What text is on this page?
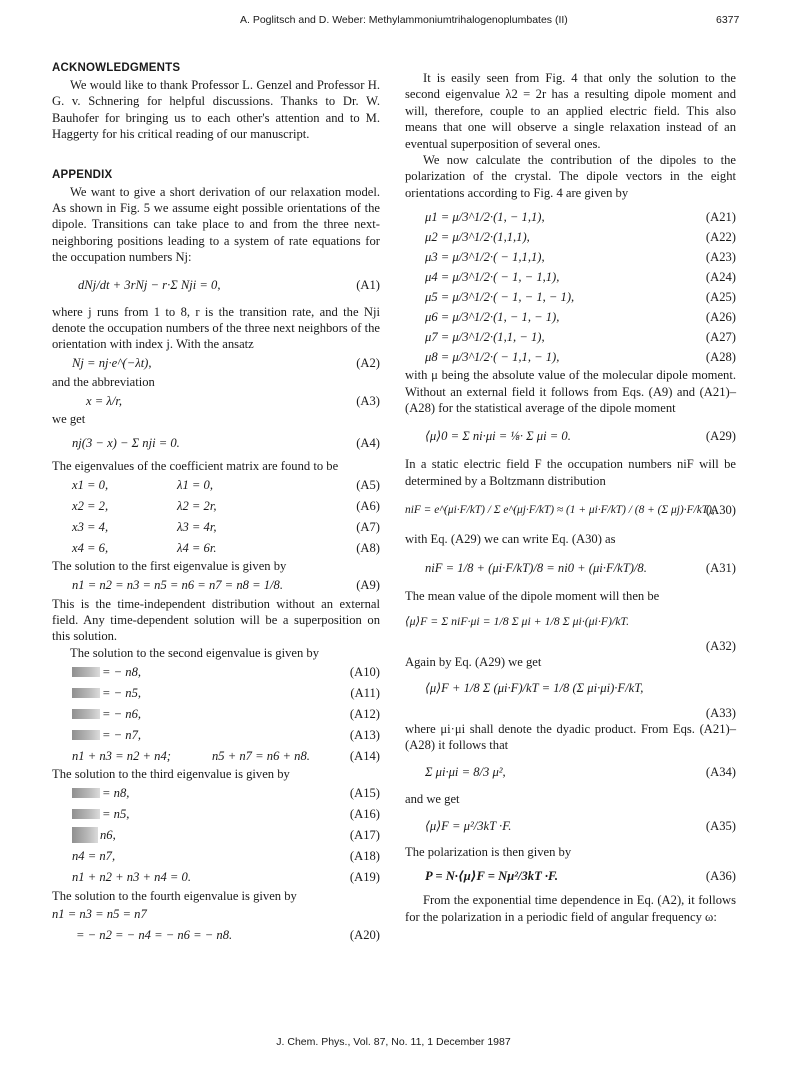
A. Poglitsch and D. Weber: Methylammoniumtrihalogenoplumbates (II)	6377
ACKNOWLEDGMENTS

We would like to thank Professor L. Genzel and Professor H. G. v. Schnering for helpful discussions. Thanks to Dr. W. Bauhofer for bringing us to each other's attention and to M. Haggerty for his critical reading of our manuscript.

APPENDIX

We want to give a short derivation of our relaxation model. As shown in Fig. 5 we assume eight possible orientations of the dipole. Transitions can take place to and from the three next-neighboring positions leading to a system of rate equations for the occupation numbers Nj:

dNj/dt + 3rNj − r·Σ Nji = 0,	(A1)

where j runs from 1 to 8, r is the transition rate, and the Nji denote the occupation numbers of the three next neighbors of the orientation with index j. With the ansatz

Nj = nj·e^(−λt),	(A2)

and the abbreviation

x = λ/r,	(A3)

we get

nj(3 − x) − Σ nji = 0.	(A4)

The eigenvalues of the coefficient matrix are found to be

x1 = 0,	λ1 = 0,	(A5)
x2 = 2,	λ2 = 2r,	(A6)
x3 = 4,	λ3 = 4r,	(A7)
x4 = 6,	λ4 = 6r.	(A8)

The solution to the first eigenvalue is given by

n1 = n2 = n3 = n5 = n6 = n7 = n8 = 1/8.	(A9)

This is the time-independent distribution without an external field. Any time-dependent solution will be a superposition on this solution.

The solution to the second eigenvalue is given by

= − n8,	(A10)
= − n5,	(A11)
= − n6,	(A12)
= − n7,	(A13)
n1 + n3 = n2 + n4;	n5 + n7 = n6 + n8.	(A14)

The solution to the third eigenvalue is given by

= n8,	(A15)
= n5,	(A16)
n6,	(A17)
n4 = n7,	(A18)
n1 + n2 + n3 + n4 = 0.	(A19)

The solution to the fourth eigenvalue is given by

n1 = n3 = n5 = n7
= − n2 = − n4 = − n6 = − n8.	(A20)

It is easily seen from Fig. 4 that only the solution to the second eigenvalue λ2 = 2r has a resulting dipole moment and will, therefore, couple to an applied electric field. This also means that one will observe a single relaxation instead of an eventual superposition of several ones.

We now calculate the contribution of the dipoles to the polarization of the crystal. The dipole vectors in the eight orientations according to Fig. 4 are given by

μ1 = μ/3^1/2·(1, − 1,1),	(A21)
μ2 = μ/3^1/2·(1,1,1),	(A22)
μ3 = μ/3^1/2·( − 1,1,1),	(A23)
μ4 = μ/3^1/2·( − 1, − 1,1),	(A24)
μ5 = μ/3^1/2·( − 1, − 1, − 1),	(A25)
μ6 = μ/3^1/2·(1, − 1, − 1),	(A26)
μ7 = μ/3^1/2·(1,1, − 1),	(A27)
μ8 = μ/3^1/2·( − 1,1, − 1),	(A28)

with μ being the absolute value of the molecular dipole moment. Without an external field it follows from Eqs. (A9) and (A21)–(A28) for the statistical average of the dipole moment

⟨μ⟩0 = Σ ni·μi = ⅛· Σ μi = 0.	(A29)

In a static electric field F the occupation numbers niF will be determined by a Boltzmann distribution

niF = e^(μi·F/kT) / Σ e^(μj·F/kT) ≈ (1 + μi·F/kT) / (8 + (Σ μj)·F/kT),
(A30)

with Eq. (A29) we can write Eq. (A30) as

niF = 1/8 + (μi·F/kT)/8 = ni0 + (μi·F/kT)/8.	(A31)

The mean value of the dipole moment will then be

⟨μ⟩F = Σ niF·μi = 1/8 Σ μi + 1/8 Σ μi·(μi·F)/kT.
(A32)

Again by Eq. (A29) we get

⟨μ⟩F + 1/8 Σ (μi·F)/kT = 1/8 (Σ μi·μi)·F/kT,
(A33)

where μi·μi shall denote the dyadic product. From Eqs. (A21)–(A28) it follows that

Σ μi·μi = 8/3 μ²,	(A34)

and we get

⟨μ⟩F = μ²/3kT ·F.	(A35)

The polarization is then given by

P = N·⟨μ⟩F = Nμ²/3kT ·F.	(A36)

From the exponential time dependence in Eq. (A2), it follows for the polarization in a periodic field of angular frequency ω:

J. Chem. Phys., Vol. 87, No. 11, 1 December 1987
